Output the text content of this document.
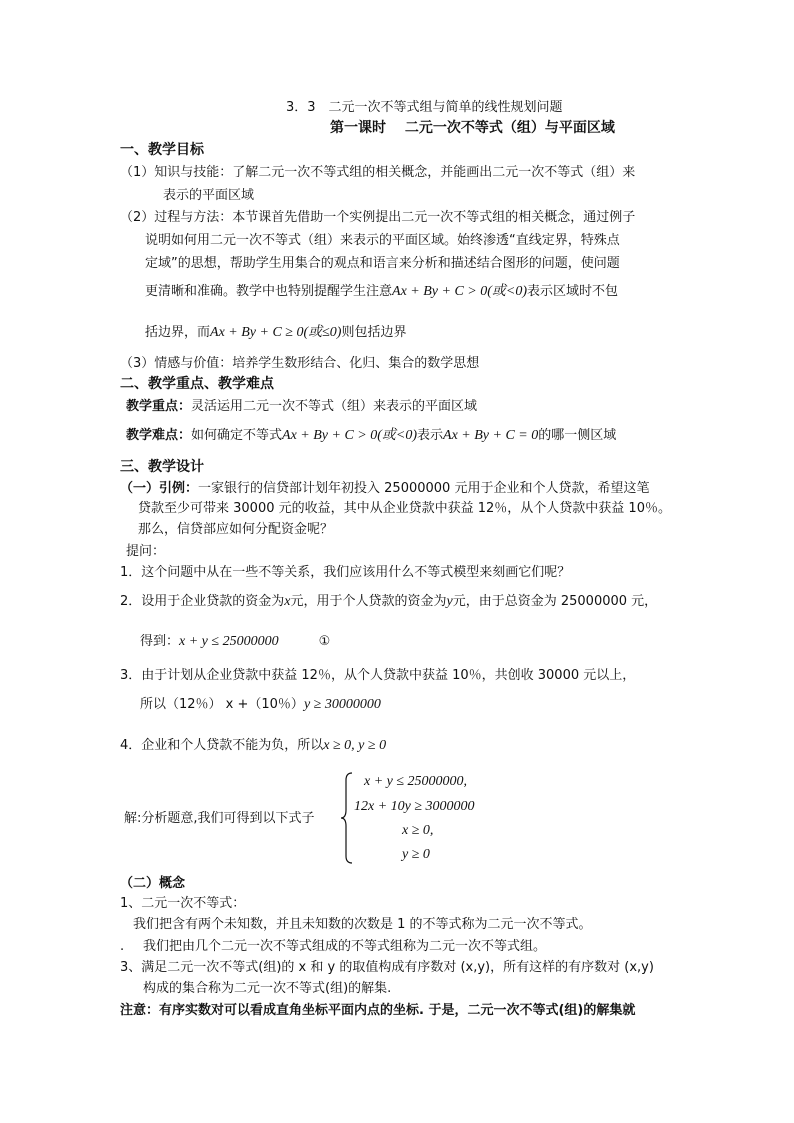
3．3　二元一次不等式组与简单的线性规划问题
第一课时　 二元一次不等式（组）与平面区域
一、教学目标
（1）知识与技能：了解二元一次不等式组的相关概念，并能画出二元一次不等式（组）来
表示的平面区域
（2）过程与方法：本节课首先借助一个实例提出二元一次不等式组的相关概念，通过例子
说明如何用二元一次不等式（组）来表示的平面区域。始终渗透“直线定界，特殊点
定域”的思想，帮助学生用集合的观点和语言来分析和描述结合图形的问题，使问题
更清晰和准确。教学中也特别提醒学生注意Ax + By + C > 0(或<0)表示区域时不包
括边界，而Ax + By + C ≥ 0(或≤0)则包括边界
（3）情感与价值：培养学生数形结合、化归、集合的数学思想
二、教学重点、教学难点
教学重点：灵活运用二元一次不等式（组）来表示的平面区域
教学难点：如何确定不等式Ax + By + C > 0(或<0)表示Ax + By + C = 0的哪一侧区域
三、教学设计
（一）引例：一家银行的信贷部计划年初投入 25000000 元用于企业和个人贷款，希望这笔
贷款至少可带来 30000 元的收益，其中从企业贷款中获益 12％，从个人贷款中获益 10％。
那么，信贷部应如何分配资金呢？
提问：
1．这个问题中从在一些不等关系，我们应该用什么不等式模型来刻画它们呢？
2．设用于企业贷款的资金为x元，用于个人贷款的资金为y元，由于总资金为 25000000 元，
得到：x + y ≤ 25000000	①
3．由于计划从企业贷款中获益 12％，从个人贷款中获益 10％，共创收 30000 元以上，
所以（12％） x +（10％）y ≥ 30000000
4．企业和个人贷款不能为负，所以x ≥ 0, y ≥ 0
解:分析题意,我们可得到以下式子
x + y ≤ 25000000,
12x + 10y ≥ 3000000
x ≥ 0,
y ≥ 0
（二）概念
1、二元一次不等式：
我们把含有两个未知数，并且未知数的次数是 1 的不等式称为二元一次不等式。
. 我们把由几个二元一次不等式组成的不等式组称为二元一次不等式组。
3、满足二元一次不等式(组)的 x 和 y 的取值构成有序数对 (x,y)，所有这样的有序数对 (x,y)
构成的集合称为二元一次不等式(组)的解集.
注意：有序实数对可以看成直角坐标平面内点的坐标. 于是，二元一次不等式(组)的解集就
